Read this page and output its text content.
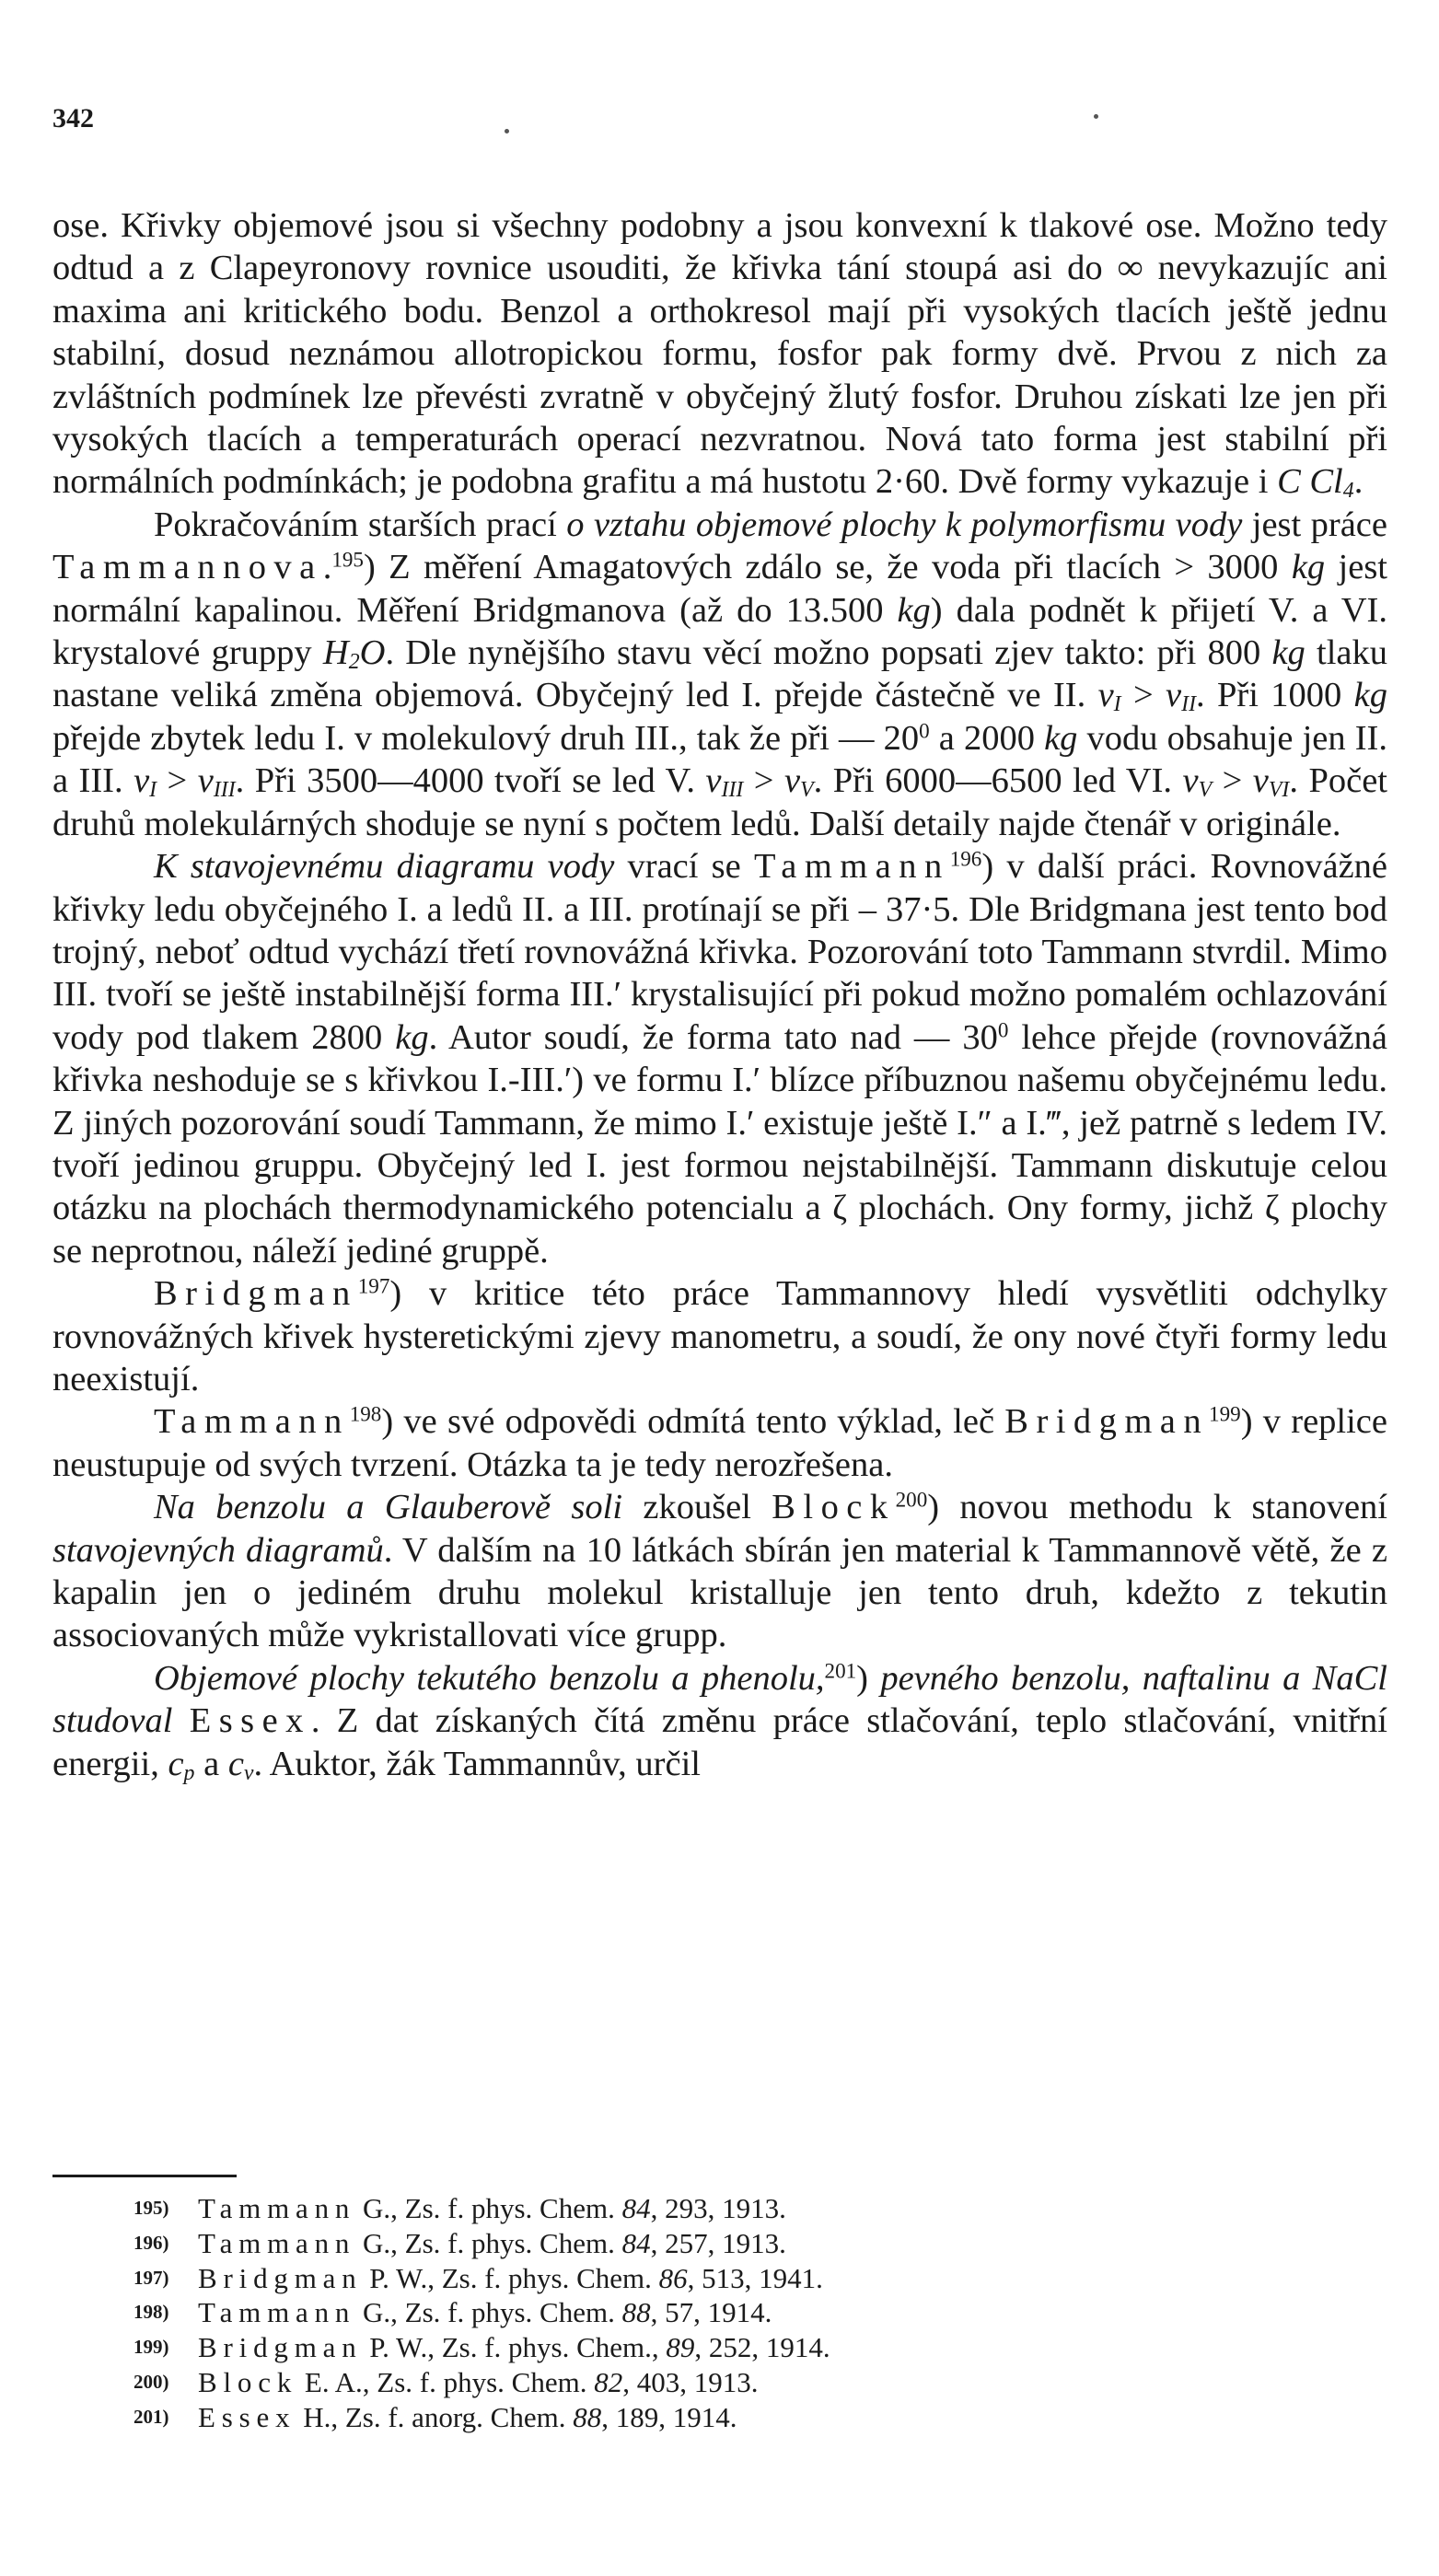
342

ose. Křivky objemové jsou si všechny podobny a jsou konvexní k tlakové ose. Možno tedy odtud a z Clapeyronovy rovnice usouditi, že křivka tání stoupá asi do ∞ nevykazujíc ani maxima ani kritického bodu. Benzol a orthokresol mají při vysokých tlacích ještě jednu stabilní, dosud neznámou allotropickou formu, fosfor pak formy dvě. Prvou z nich za zvláštních podmínek lze převésti zvratně v obyčejný žlutý fosfor. Druhou získati lze jen při vysokých tlacích a temperaturách operací nezvratnou. Nová tato forma jest stabilní při normálních podmínkách; je podobna grafitu a má hustotu 2·60. Dvě formy vykazuje i C $Cl_4$.

Pokračováním starších prací o vztahu objemové plochy k polymorfismu vody jest práce Tammannova.$^{195}$) Z měření Amagatových zdálo se, že voda při tlacích > 3000 kg jest normální kapalinou. Měření Bridgmanova (až do 13.500 kg) dala podnět k přijetí V. a VI. krystalové gruppy $H_2O$. Dle nynějšího stavu věcí možno popsati zjev takto: při 800 kg tlaku nastane veliká změna objemová. Obyčejný led I. přejde částečně ve II. $v_I > v_{II}$. Při 1000 kg přejde zbytek ledu I. v molekulový druh III., tak že při — $20^0$ a 2000 kg vodu obsahuje jen II. a III. $v_I > v_{III}$. Při 3500—4000 tvoří se led V. $v_{III} > v_V$. Při 6000—6500 led VI. $v_V > v_{VI}$. Počet druhů molekulárných shoduje se nyní s počtem ledů. Další detaily najde čtenář v originále.

K stavojevnému diagramu vody vrací se Tammann$^{196}$) v další práci. Rovnovážné křivky ledu obyčejného I. a ledů II. a III. protínají se při – 37·5. Dle Bridgmana jest tento bod trojný, neboť odtud vychází třetí rovnovážná křivka. Pozorování toto Tammann stvrdil. Mimo III. tvoří se ještě instabilnější forma III.′ krystalisující při pokud možno pomalém ochlazování vody pod tlakem 2800 kg. Autor soudí, že forma tato nad — $30^0$ lehce přejde (rovnovážná křivka neshoduje se s křivkou I.-III.′) ve formu I.′ blízce příbuznou našemu obyčejnému ledu. Z jiných pozorování soudí Tammann, že mimo I.′ existuje ještě I.″ a I.‴, jež patrně s ledem IV. tvoří jedinou gruppu. Obyčejný led I. jest formou nejstabilnější. Tammann diskutuje celou otázku na plochách thermodynamického potencialu a ζ plochách. Ony formy, jichž ζ plochy se neprotnou, náleží jediné gruppě.

Bridgman$^{197}$) v kritice této práce Tammannovy hledí vysvětliti odchylky rovnovážných křivek hysteretickými zjevy manometru, a soudí, že ony nové čtyři formy ledu neexistují.

Tammann$^{198}$) ve své odpovědi odmítá tento výklad, leč Bridgman$^{199}$) v replice neustupuje od svých tvrzení. Otázka ta je tedy nerozřešena.

Na benzolu a Glauberově soli zkoušel Block$^{200}$) novou methodu k stanovení stavojevných diagramů. V dalším na 10 látkách sbírán jen material k Tammannově větě, že z kapalin jen o jediném druhu molekul kristalluje jen tento druh, kdežto z tekutin associovaných může vykristallovati více grupp.

Objemové plochy tekutého benzolu a phenolu,$^{201}$) pevného benzolu, naftalinu a NaCl studoval Essex. Z dat získaných čítá změnu práce stlačování, teplo stlačování, vnitřní energii, $c_p$ a $c_v$. Auktor, žák Tammannův, určil

195) Tammann G., Zs. f. phys. Chem. 84, 293, 1913.
196) Tammann G., Zs. f. phys. Chem. 84, 257, 1913.
197) Bridgman P. W., Zs. f. phys. Chem. 86, 513, 1941.
198) Tammann G., Zs. f. phys. Chem. 88, 57, 1914.
199) Bridgman P. W., Zs. f. phys. Chem., 89, 252, 1914.
200) Block E. A., Zs. f. phys. Chem. 82, 403, 1913.
201) Essex H., Zs. f. anorg. Chem. 88, 189, 1914.
